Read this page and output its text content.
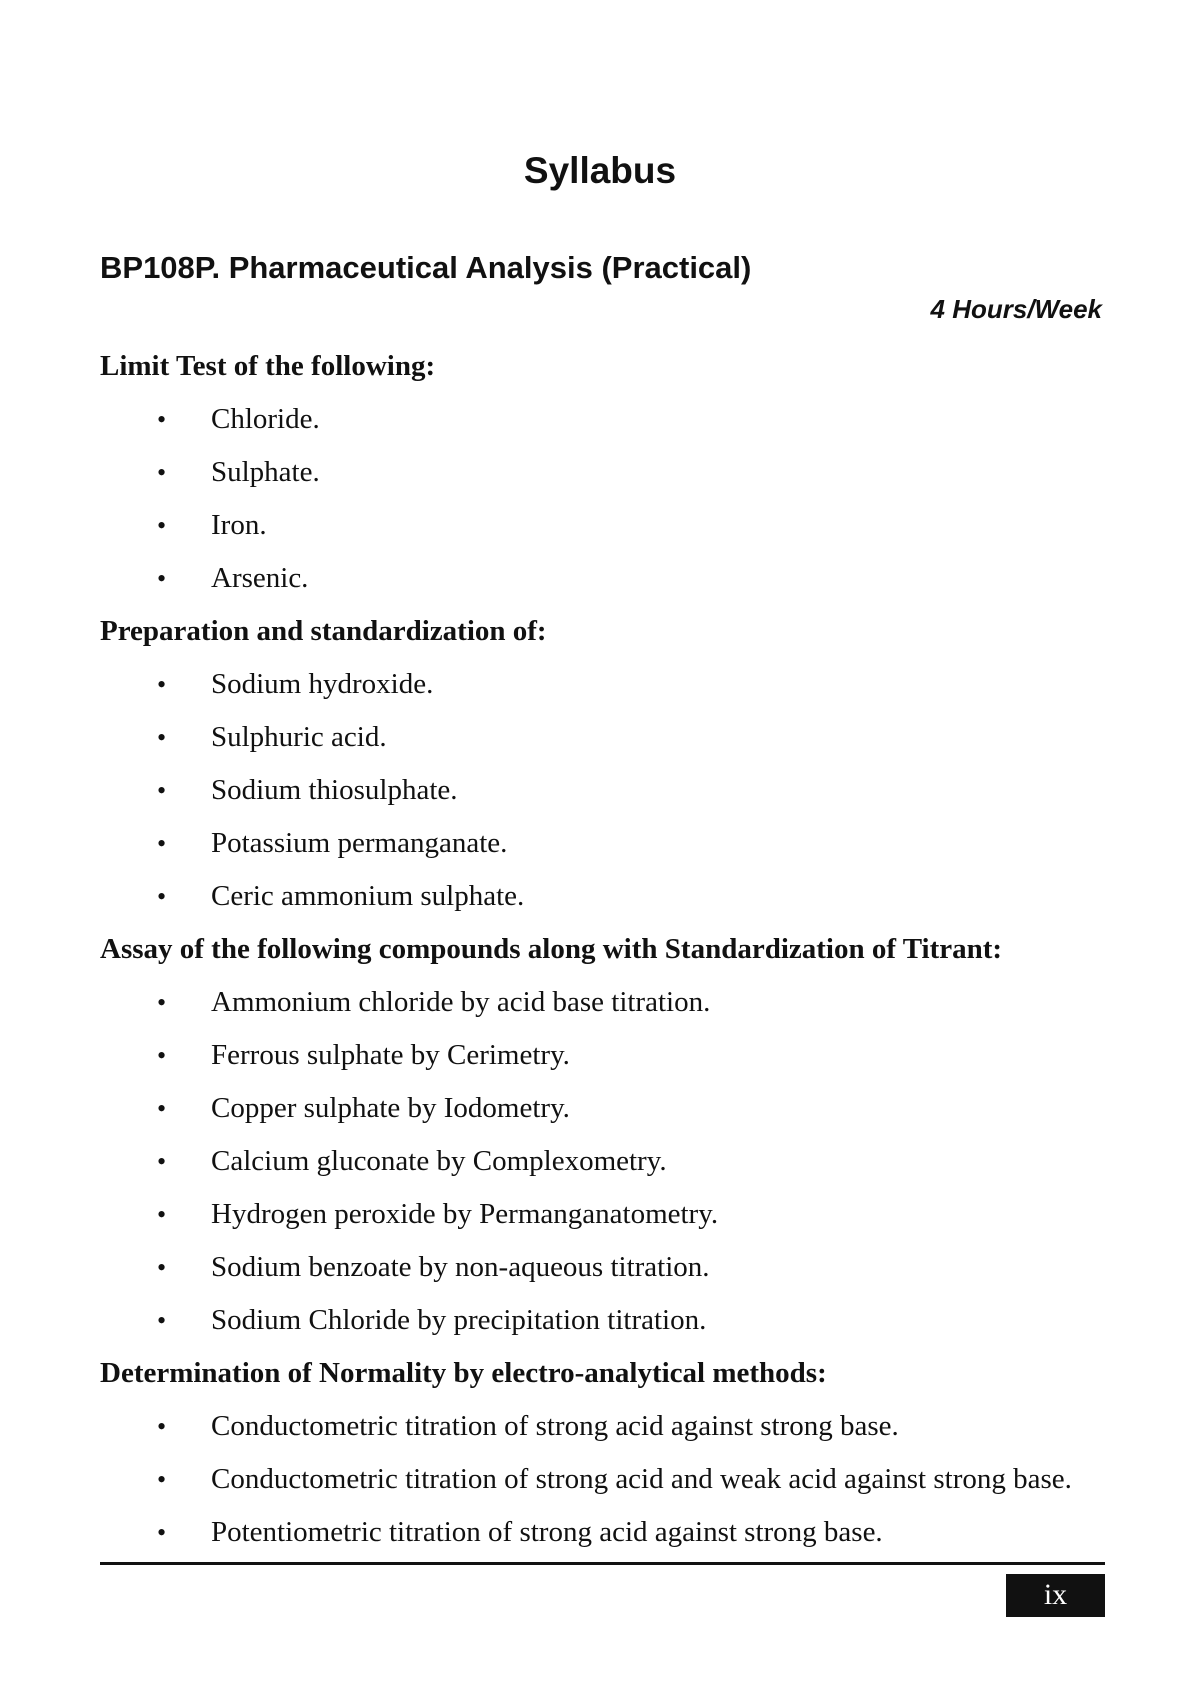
Syllabus
BP108P. Pharmaceutical Analysis (Practical)
4 Hours/Week
Limit Test of the following:
• Chloride.
• Sulphate.
• Iron.
• Arsenic.
Preparation and standardization of:
• Sodium hydroxide.
• Sulphuric acid.
• Sodium thiosulphate.
• Potassium permanganate.
• Ceric ammonium sulphate.
Assay of the following compounds along with Standardization of Titrant:
• Ammonium chloride by acid base titration.
• Ferrous sulphate by Cerimetry.
• Copper sulphate by Iodometry.
• Calcium gluconate by Complexometry.
• Hydrogen peroxide by Permanganatometry.
• Sodium benzoate by non-aqueous titration.
• Sodium Chloride by precipitation titration.
Determination of Normality by electro-analytical methods:
• Conductometric titration of strong acid against strong base.
• Conductometric titration of strong acid and weak acid against strong base.
• Potentiometric titration of strong acid against strong base.
ix
